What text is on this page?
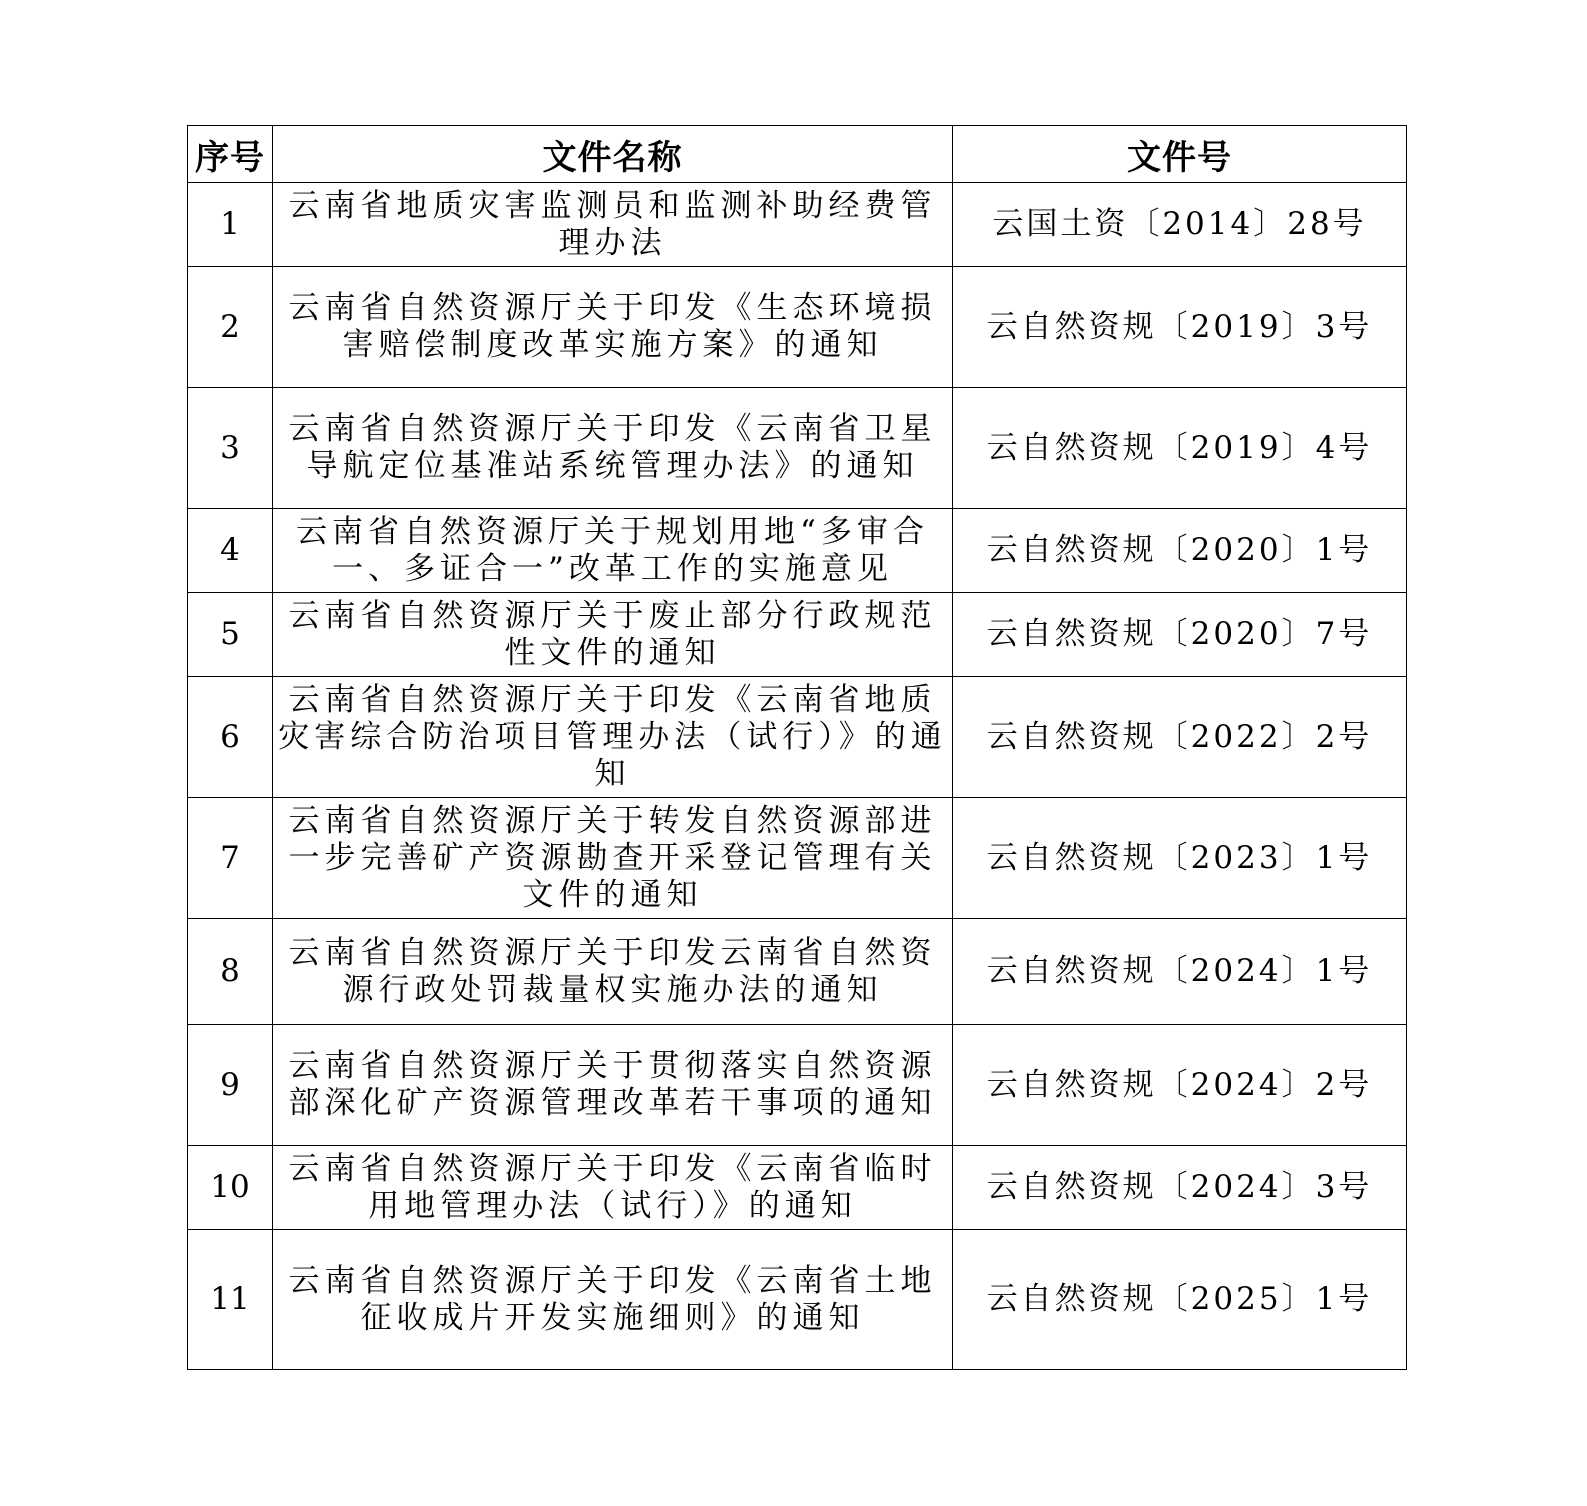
序号	文件名称	文件号
1	云南省地质灾害监测员和监测补助经费管理办法	云国土资〔2014〕28号
2	云南省自然资源厅关于印发《生态环境损害赔偿制度改革实施方案》的通知	云自然资规〔2019〕3号
3	云南省自然资源厅关于印发《云南省卫星导航定位基准站系统管理办法》的通知	云自然资规〔2019〕4号
4	云南省自然资源厅关于规划用地“多审合一、多证合一”改革工作的实施意见	云自然资规〔2020〕1号
5	云南省自然资源厅关于废止部分行政规范性文件的通知	云自然资规〔2020〕7号
6	云南省自然资源厅关于印发《云南省地质灾害综合防治项目管理办法（试行）》的通知	云自然资规〔2022〕2号
7	云南省自然资源厅关于转发自然资源部进一步完善矿产资源勘查开采登记管理有关文件的通知	云自然资规〔2023〕1号
8	云南省自然资源厅关于印发云南省自然资源行政处罚裁量权实施办法的通知	云自然资规〔2024〕1号
9	云南省自然资源厅关于贯彻落实自然资源部深化矿产资源管理改革若干事项的通知	云自然资规〔2024〕2号
10	云南省自然资源厅关于印发《云南省临时用地管理办法（试行）》的通知	云自然资规〔2024〕3号
11	云南省自然资源厅关于印发《云南省土地征收成片开发实施细则》的通知	云自然资规〔2025〕1号
